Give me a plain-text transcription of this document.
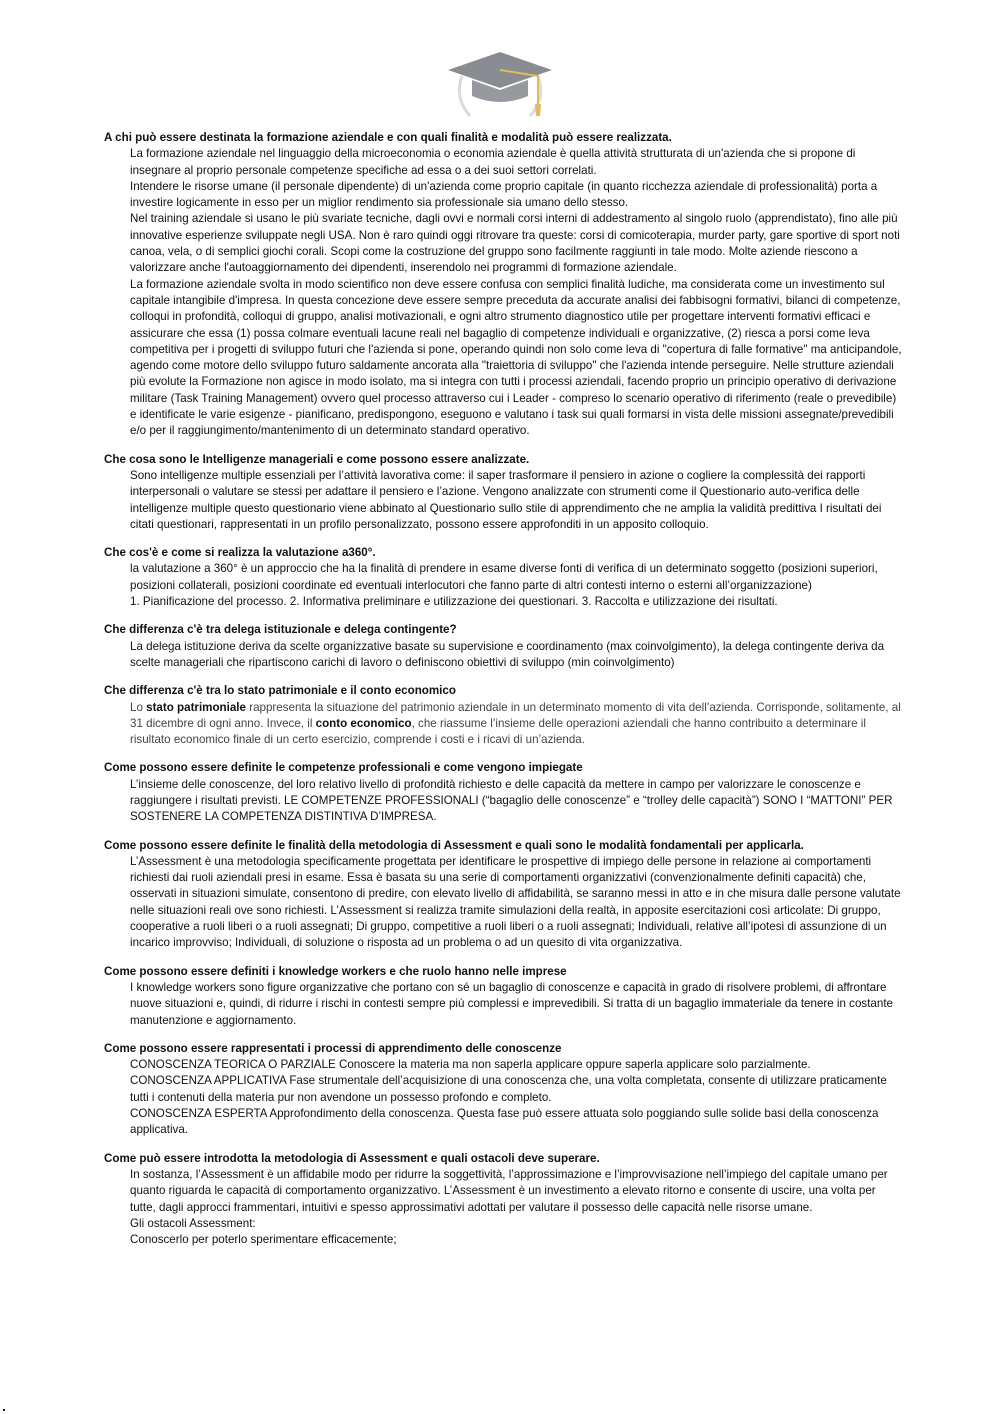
A chi può essere destinata la formazione aziendale e con quali finalità e modalità può essere realizzata.

La formazione aziendale nel linguaggio della microeconomia o economia aziendale è quella attività strutturata di un'azienda che si propone di insegnare al proprio personale competenze specifiche ad essa o a dei suoi settori correlati.

Intendere le risorse umane (il personale dipendente) di un'azienda come proprio capitale (in quanto ricchezza aziendale di professionalità) porta a investire logicamente in esso per un miglior rendimento sia professionale sia umano dello stesso.

Nel training aziendale si usano le più svariate tecniche, dagli ovvi e normali corsi interni di addestramento al singolo ruolo (apprendistato), fino alle più innovative esperienze sviluppate negli USA. Non è raro quindi oggi ritrovare tra queste: corsi di comicoterapia, murder party, gare sportive di sport noti canoa, vela, o di semplici giochi corali. Scopi come la costruzione del gruppo sono facilmente raggiunti in tale modo. Molte aziende riescono a valorizzare anche l'autoaggiornamento dei dipendenti, inserendolo nei programmi di formazione aziendale.

La formazione aziendale svolta in modo scientifico non deve essere confusa con semplici finalità ludiche, ma considerata come un investimento sul capitale intangibile d'impresa. In questa concezione deve essere sempre preceduta da accurate analisi dei fabbisogni formativi, bilanci di competenze, colloqui in profondità, colloqui di gruppo, analisi motivazionali, e ogni altro strumento diagnostico utile per progettare interventi formativi efficaci e assicurare che essa (1) possa colmare eventuali lacune reali nel bagaglio di competenze individuali e organizzative, (2) riesca a porsi come leva competitiva per i progetti di sviluppo futuri che l'azienda si pone, operando quindi non solo come leva di "copertura di falle formative" ma anticipandole, agendo come motore dello sviluppo futuro saldamente ancorata alla "traiettoria di sviluppo" che l'azienda intende perseguire. Nelle strutture aziendali più evolute la Formazione non agisce in modo isolato, ma si integra con tutti i processi aziendali, facendo proprio un principio operativo di derivazione militare (Task Training Management) ovvero quel processo attraverso cui i Leader - compreso lo scenario operativo di riferimento (reale o prevedibile) e identificate le varie esigenze - pianificano, predispongono, eseguono e valutano i task sui quali formarsi in vista delle missioni assegnate/prevedibili e/o per il raggiungimento/mantenimento di un determinato standard operativo.

Che cosa sono le Intelligenze manageriali e come possono essere analizzate.

Sono intelligenze multiple essenziali per l’attività lavorativa come: il saper trasformare il pensiero in azione o cogliere la complessità dei rapporti interpersonali o valutare se stessi per adattare il pensiero e l’azione. Vengono analizzate con strumenti come il Questionario auto-verifica delle intelligenze multiple questo questionario viene abbinato al Questionario sullo stile di apprendimento che ne amplia la validità predittiva I risultati dei citati questionari, rappresentati in un profilo personalizzato, possono essere approfonditi in un apposito colloquio.

Che cos'è e come si realizza la valutazione a360°.

la valutazione a 360° è un approccio che ha la finalità di prendere in esame diverse fonti di verifica di un determinato soggetto (posizioni superiori, posizioni collaterali, posizioni coordinate ed eventuali interlocutori che fanno parte di altri contesti interno o esterni all’organizzazione)

1. Pianificazione del processo. 2. Informativa preliminare e utilizzazione dei questionari. 3. Raccolta e utilizzazione dei risultati.

Che differenza c'è tra delega istituzionale e delega contingente?

La delega istituzione deriva da scelte organizzative basate su supervisione e coordinamento (max coinvolgimento), la delega contingente deriva da scelte manageriali che ripartiscono carichi di lavoro o definiscono obiettivi di sviluppo (min coinvolgimento)

Che differenza c'è tra lo stato patrimoniale e il conto economico

Lo stato patrimoniale rappresenta la situazione del patrimonio aziendale in un determinato momento di vita dell’azienda. Corrisponde, solitamente, al 31 dicembre di ogni anno. Invece, il conto economico, che riassume l’insieme delle operazioni aziendali che hanno contribuito a determinare il risultato economico finale di un certo esercizio, comprende i costi e i ricavi di un’azienda.

Come possono essere definite le competenze professionali e come vengono impiegate

L’insieme delle conoscenze, del loro relativo livello di profondità richiesto e delle capacità da mettere in campo per valorizzare le conoscenze e raggiungere i risultati previsti. LE COMPETENZE PROFESSIONALI (“bagaglio delle conoscenze” e “trolley delle capacità”) SONO I “MATTONI” PER SOSTENERE LA COMPETENZA DISTINTIVA D’IMPRESA.

Come possono essere definite le finalità della metodologia di Assessment e quali sono le modalità fondamentali per applicarla.

L’Assessment è una metodologia specificamente progettata per identificare le prospettive di impiego delle persone in relazione ai comportamenti richiesti dai ruoli aziendali presi in esame. Essa è basata su una serie di comportamenti organizzativi (convenzionalmente definiti capacità) che, osservati in situazioni simulate, consentono di predire, con elevato livello di affidabilità, se saranno messi in atto e in che misura dalle persone valutate nelle situazioni reali ove sono richiesti. L’Assessment si realizza tramite simulazioni della realtà, in apposite esercitazioni così articolate: Di gruppo, cooperative a ruoli liberi o a ruoli assegnati; Di gruppo, competitive a ruoli liberi o a ruoli assegnati; Individuali, relative all’ipotesi di assunzione di un incarico improvviso; Individuali, di soluzione o risposta ad un problema o ad un quesito di vita organizzativa.

Come possono essere definiti i knowledge workers e che ruolo hanno nelle imprese

I knowledge workers sono figure organizzative che portano con sé un bagaglio di conoscenze e capacità in grado di risolvere problemi, di affrontare nuove situazioni e, quindi, di ridurre i rischi in contesti sempre più complessi e imprevedibili. Si tratta di un bagaglio immateriale da tenere in costante manutenzione e aggiornamento.

Come possono essere rappresentati i processi di apprendimento delle conoscenze

CONOSCENZA TEORICA O PARZIALE Conoscere la materia ma non saperla applicare oppure saperla applicare solo parzialmente.

CONOSCENZA APPLICATIVA Fase strumentale dell’acquisizione di una conoscenza che, una volta completata, consente di utilizzare praticamente tutti i contenuti della materia pur non avendone un possesso profondo e completo.

CONOSCENZA ESPERTA Approfondimento della conoscenza. Questa fase può essere attuata solo poggiando sulle solide basi della conoscenza applicativa.

Come può essere introdotta la metodologia di Assessment e quali ostacoli deve superare.

In sostanza, l’Assessment è un affidabile modo per ridurre la soggettività, l’approssimazione e l’improvvisazione nell’impiego del capitale umano per quanto riguarda le capacità di comportamento organizzativo. L’Assessment è un investimento a elevato ritorno e consente di uscire, una volta per tutte, dagli approcci frammentari, intuitivi e spesso approssimativi adottati per valutare il possesso delle capacità nelle risorse umane.

Gli ostacoli Assessment:

Conoscerlo per poterlo sperimentare efficacemente;

.
